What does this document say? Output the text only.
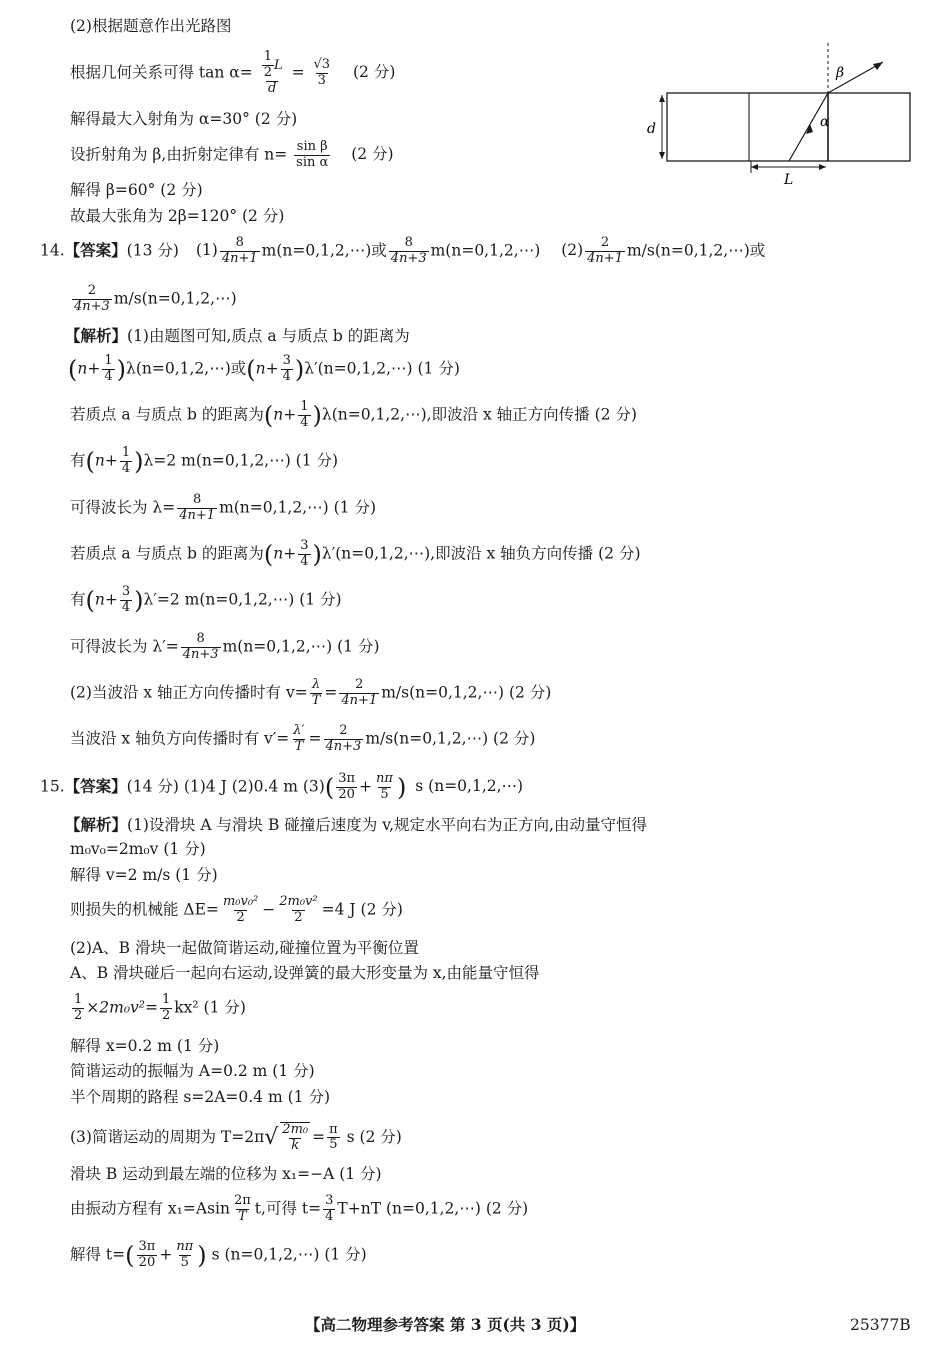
(2)根据题意作出光路图
根据几何关系可得 $\tan \alpha= \frac{\frac{1}{2} L}{d} = \frac{√3}{3} (2$ 分)
解得最大入射角为 α=30° (2 分)
设折射角为 β,由折射定律有 $n= \frac{\text{sin β}}{\text{sin α}} (2$ 分)
解得 β=60° (2 分)
故最大张角为 2β=120° (2 分)
β
α
d
L
14.【答案】(13 分) $(1) \frac{8}{4n+1}$ m(n=0,1,2,⋯)或 $\frac{8}{4n+3}$ m(n=0,1,2,⋯) $(2) \frac{2}{4n+1}$ m/s(n=0,1,2,⋯)或
$\frac{2}{4n+3}$ m/s(n=0,1,2,⋯)
【解析】(1)由题图可知,质点 a 与质点 b 的距离为
($n+ \frac{1}{4}$ )λ(n=0,1,2,⋯)或($n+ \frac{3}{4}$ )λ′(n=0,1,2,⋯) (1 分)
若质点 a 与质点 b 的距离为($n+ \frac{1}{4}$ )λ(n=0,1,2,⋯),即波沿 x 轴正方向传播 (2 分)
有$(n+ \frac{1}{4} )\lambda=2$ m(n=0,1,2,⋯) (1 分)
可得波长为 $\lambda= \frac{8}{4n+1}$ m(n=0,1,2,⋯) (1 分)
若质点 a 与质点 b 的距离为($n+ \frac{3}{4}$ )λ′(n=0,1,2,⋯),即波沿 x 轴负方向传播 (2 分)
有$(n+ \frac{3}{4} )\lambda'=2$ m(n=0,1,2,⋯) (1 分)
可得波长为 $\lambda'= \frac{8}{4n+3}$ m(n=0,1,2,⋯) (1 分)
(2)当波沿 x 轴正方向传播时有 $v= \frac{\lambda}{T} = \frac{2}{4n+1}$ m/s(n=0,1,2,⋯) (2 分)
当波沿 x 轴负方向传播时有 $v'= \frac{\lambda'}{T} = \frac{2}{4n+3}$ m/s(n=0,1,2,⋯) (2 分)
15.【答案】(14 分) (1)4 J (2)0.4 m $(3)( \frac{3\pi}{20} + \frac{n\pi}{5}$ ) s (n=0,1,2,⋯)
【解析】(1)设滑块 A 与滑块 B 碰撞后速度为 v,规定水平向右为正方向,由动量守恒得
m₀v₀=2m₀v (1 分)
解得 v=2 m/s (1 分)
则损失的机械能 $\Delta E= \frac{\text{m₀v₀²}}{2} - \frac{\text{2m₀v²}}{2} =4$ J (2 分)
(2)A、B 滑块一起做简谐运动,碰撞位置为平衡位置
A、B 滑块碰后一起向右运动,设弹簧的最大形变量为 x,由能量守恒得
$\frac{1}{2} \times 2m_0v^2= \frac{1}{2} kx^2$ (1 分)
解得 x=0.2 m (1 分)
简谐运动的振幅为 A=0.2 m (1 分)
半个周期的路程 s=2A=0.4 m (1 分)
(3)简谐运动的周期为 $T=2\pi√ \frac{\text{2m₀}}{k} = \frac{\pi}{5}$ s (2 分)
滑块 B 运动到最左端的位移为 x₁=−A (1 分)
由振动方程有 $x_1=Asin \frac{2\pi}{T} t$,可得 $t= \frac{3}{4} T+nT$ (n=0,1,2,⋯) (2 分)
解得 $t=( \frac{3\pi}{20} + \frac{n\pi}{5}$ ) s (n=0,1,2,⋯) (1 分)
【高二物理参考答案 第 3 页(共 3 页)】	25377B
